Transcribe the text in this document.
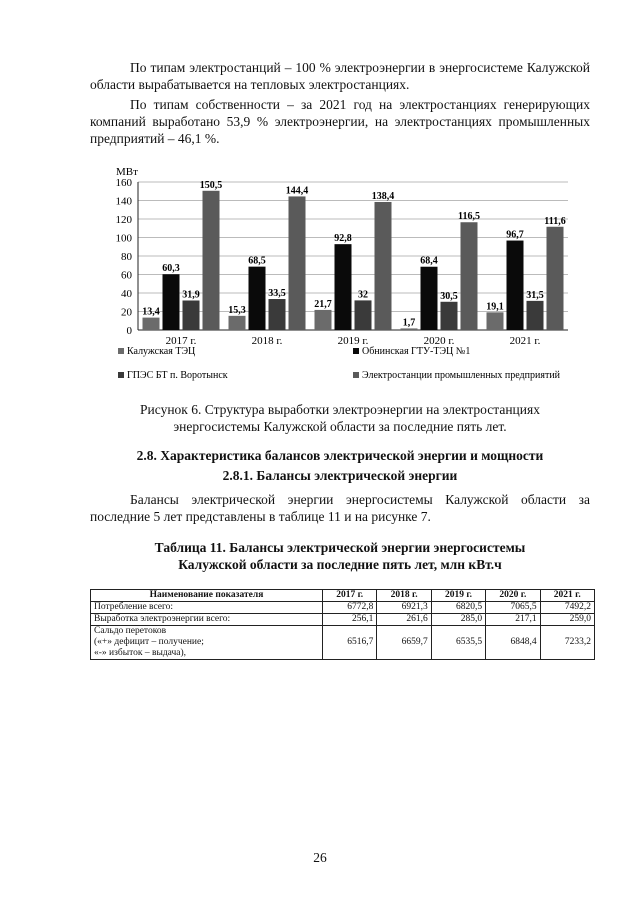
По типам электростанций – 100 % электроэнергии в энергосистеме Калужской области вырабатывается на тепловых электростанциях.

По типам собственности – за 2021 год на электростанциях генерирующих компаний выработано 53,9 % электроэнергии, на электростанциях промышленных предприятий – 46,1 %.

МВт
0
20
40
60
80
100
120
140
160
13,4
60,3
31,9
150,5
2017 г.
15,3
68,5
33,5
144,4
2018 г.
21,7
92,8
32
138,4
2019 г.
1,7
68,4
30,5
116,5
2020 г.
19,1
96,7
31,5
111,6
2021 г.
Калужская ТЭЦ	Обнинская ГТУ-ТЭЦ №1
ГПЭС БТ п. Воротынск	Электростанции промышленных предприятий

Рисунок 6. Структура выработки электроэнергии на электростанциях
энергосистемы Калужской области за последние пять лет.

2.8. Характеристика балансов электрической энергии и мощности

2.8.1. Балансы электрической энергии

Балансы электрической энергии энергосистемы Калужской области за последние 5 лет представлены в таблице 11 и на рисунке 7.

Таблица 11. Балансы электрической энергии энергосистемы
Калужской области за последние пять лет, млн кВт.ч

Наименование показателя	2017 г.	2018 г.	2019 г.	2020 г.	2021 г.
Потребление всего:	6772,8	6921,3	6820,5	7065,5	7492,2
Выработка электроэнергии всего:	256,1	261,6	285,0	217,1	259,0
Сальдо перетоков
(«+» дефицит – получение;
«-» избыток – выдача),	6516,7	6659,7	6535,5	6848,4	7233,2
26
